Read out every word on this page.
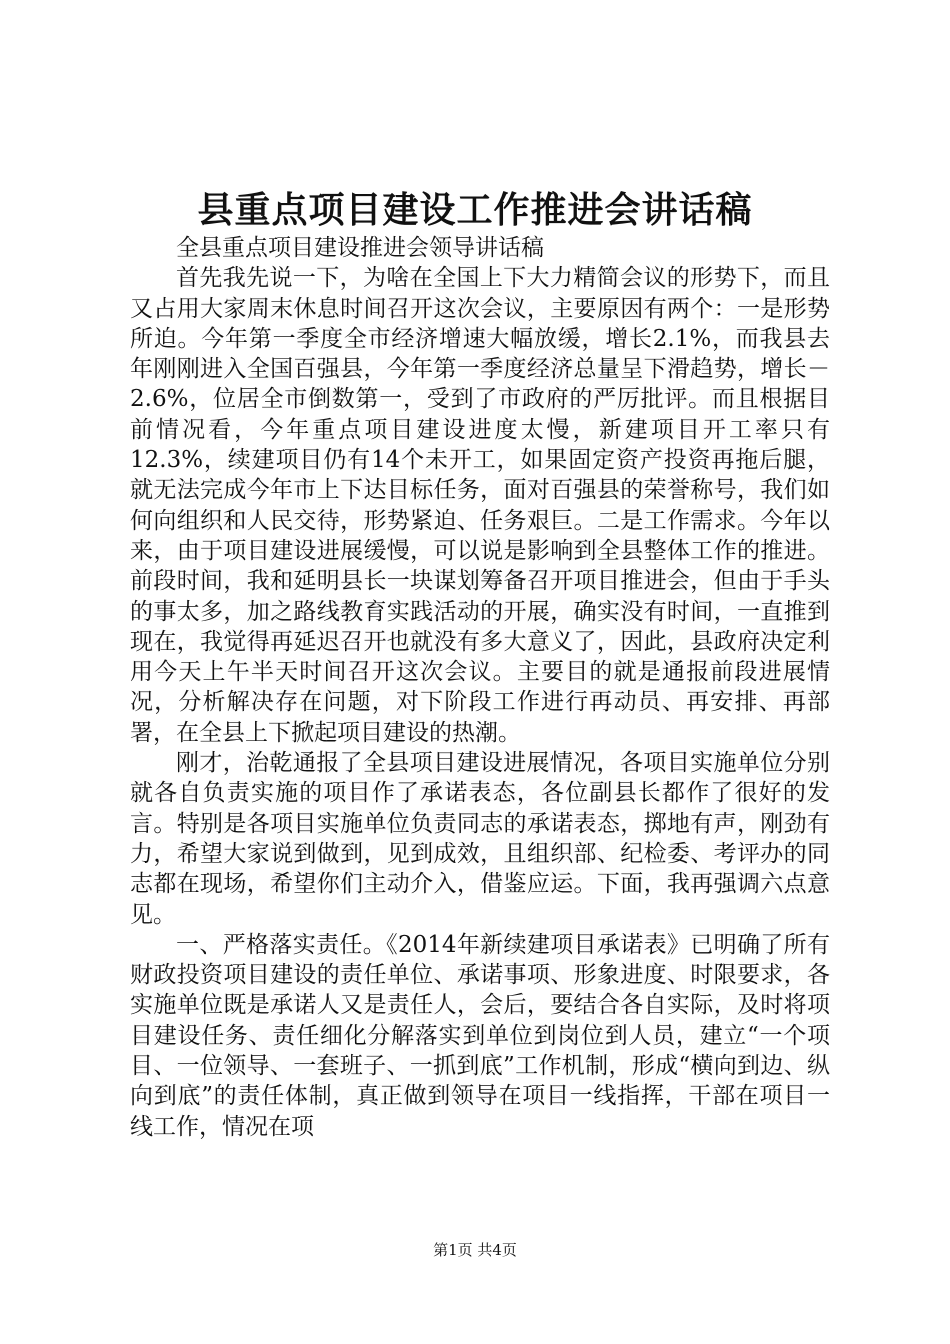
县重点项目建设工作推进会讲话稿

全县重点项目建设推进会领导讲话稿

首先我先说一下，为啥在全国上下大力精简会议的形势下，而且又占用大家周末休息时间召开这次会议，主要原因有两个：一是形势所迫。今年第一季度全市经济增速大幅放缓，增长2.1%，而我县去年刚刚进入全国百强县，今年第一季度经济总量呈下滑趋势，增长－2.6%，位居全市倒数第一，受到了市政府的严厉批评。而且根据目前情况看，今年重点项目建设进度太慢，新建项目开工率只有12.3%，续建项目仍有14个未开工，如果固定资产投资再拖后腿，就无法完成今年市上下达目标任务，面对百强县的荣誉称号，我们如何向组织和人民交待，形势紧迫、任务艰巨。二是工作需求。今年以来，由于项目建设进展缓慢，可以说是影响到全县整体工作的推进。前段时间，我和延明县长一块谋划筹备召开项目推进会，但由于手头的事太多，加之路线教育实践活动的开展，确实没有时间，一直推到现在，我觉得再延迟召开也就没有多大意义了，因此，县政府决定利用今天上午半天时间召开这次会议。主要目的就是通报前段进展情况，分析解决存在问题，对下阶段工作进行再动员、再安排、再部署，在全县上下掀起项目建设的热潮。

刚才，治乾通报了全县项目建设进展情况，各项目实施单位分别就各自负责实施的项目作了承诺表态，各位副县长都作了很好的发言。特别是各项目实施单位负责同志的承诺表态，掷地有声，刚劲有力，希望大家说到做到，见到成效，且组织部、纪检委、考评办的同志都在现场，希望你们主动介入，借鉴应运。下面，我再强调六点意见。

一、严格落实责任。《2014年新续建项目承诺表》已明确了所有财政投资项目建设的责任单位、承诺事项、形象进度、时限要求，各实施单位既是承诺人又是责任人，会后，要结合各自实际，及时将项目建设任务、责任细化分解落实到单位到岗位到人员，建立“一个项目、一位领导、一套班子、一抓到底”工作机制，形成“横向到边、纵向到底”的责任体制，真正做到领导在项目一线指挥，干部在项目一线工作，情况在项

第1页 共4页
